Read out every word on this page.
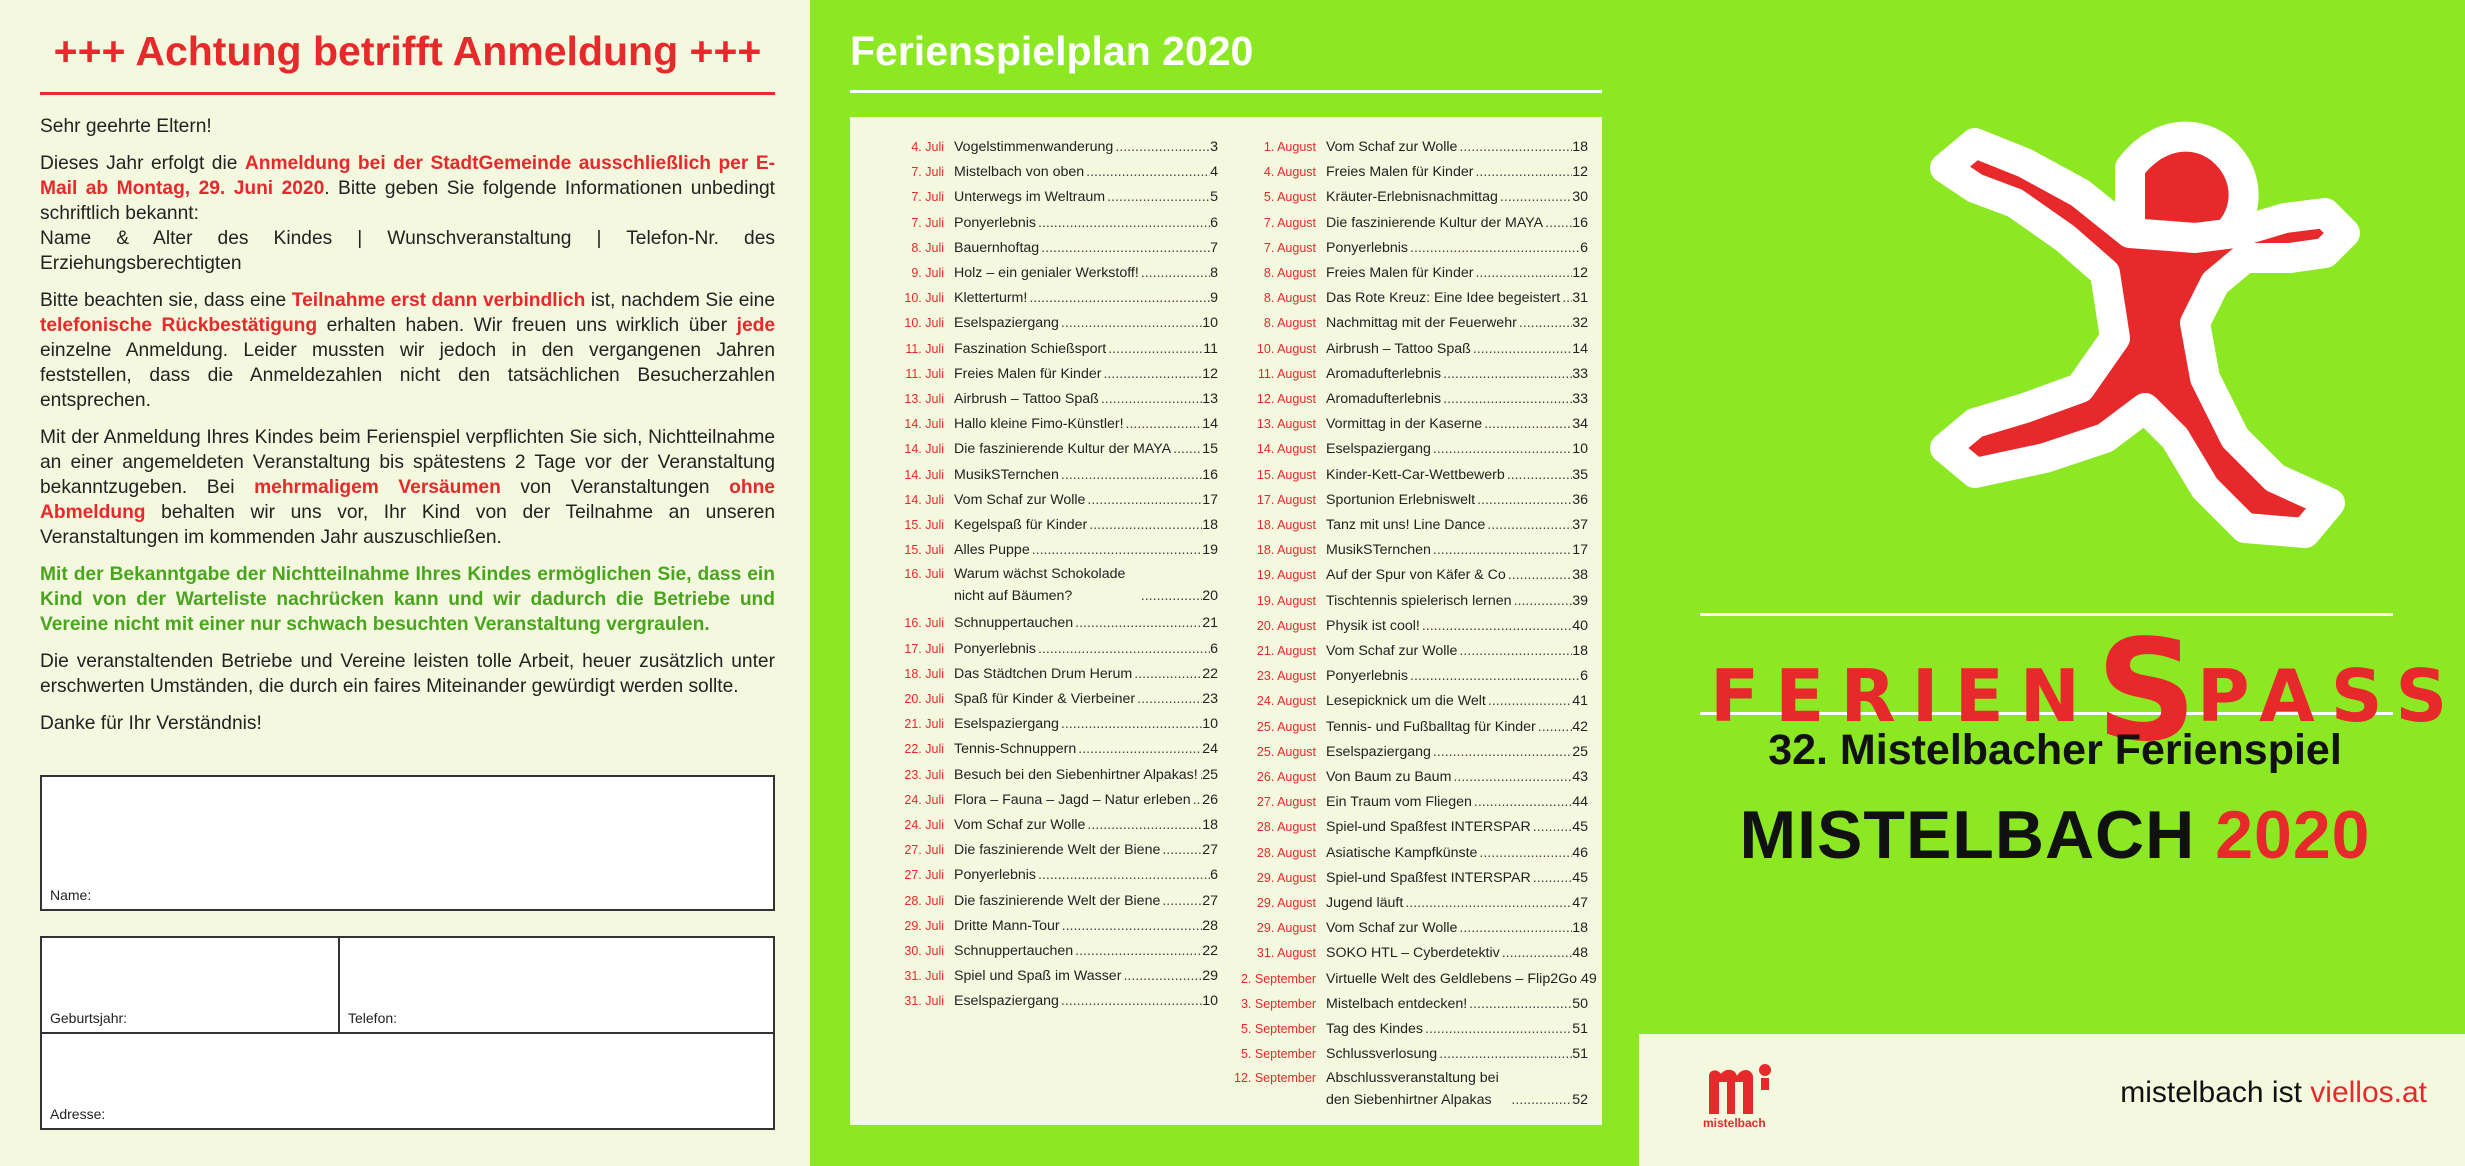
+++ Achtung betrifft Anmeldung +++

Sehr geehrte Eltern!

Dieses Jahr erfolgt die Anmeldung bei der StadtGemeinde ausschließlich per E-Mail ab Montag, 29. Juni 2020. Bitte geben Sie folgende Informationen unbedingt schriftlich bekannt:
Name & Alter des Kindes | Wunschveranstaltung | Telefon-Nr. des Erziehungsberechtigten

Bitte beachten sie, dass eine Teilnahme erst dann verbindlich ist, nachdem Sie eine telefonische Rückbestätigung erhalten haben. Wir freuen uns wirklich über jede einzelne Anmeldung. Leider mussten wir jedoch in den vergangenen Jahren feststellen, dass die Anmeldezahlen nicht den tatsächlichen Besucherzahlen entsprechen.

Mit der Anmeldung Ihres Kindes beim Ferienspiel verpflichten Sie sich, Nichtteilnahme an einer angemeldeten Veranstaltung bis spätestens 2 Tage vor der Veranstaltung bekanntzugeben. Bei mehrmaligem Versäumen von Veranstaltungen ohne Abmeldung behalten wir uns vor, Ihr Kind von der Teilnahme an unseren Veranstaltungen im kommenden Jahr auszuschließen.

Mit der Bekanntgabe der Nichtteilnahme Ihres Kindes ermöglichen Sie, dass ein Kind von der Warteliste nachrücken kann und wir dadurch die Betriebe und Vereine nicht mit einer nur schwach besuchten Veranstaltung vergraulen.

Die veranstaltenden Betriebe und Vereine leisten tolle Arbeit, heuer zusätzlich unter erschwerten Umständen, die durch ein faires Miteinander gewürdigt werden sollte.

Danke für Ihr Verständnis!

Name:
Geburtsjahr:	Telefon:
Adresse:
Ferienspielplan 2020
4. Juli Vogelstimmenwanderung .....	3
7. Juli Mistelbach von oben .....	4
7. Juli Unterwegs im Weltraum .....	5
7. Juli Ponyerlebnis .....	6
8. Juli Bauernhoftag .....	7
9. Juli Holz – ein genialer Werkstoff! .....	8
10. Juli Kletterturm! .....	9
10. Juli Eselspaziergang .....	10
11. Juli Faszination Schießsport .....	11
11. Juli Freies Malen für Kinder .....	12
13. Juli Airbrush – Tattoo Spaß .....	13
14. Juli Hallo kleine Fimo-Künstler! .....	14
14. Juli Die faszinierende Kultur der MAYA ..... 15
14. Juli MusikSTernchen .....	16
14. Juli Vom Schaf zur Wolle .....	17
15. Juli Kegelspaß für Kinder .....	18
15. Juli Alles Puppe .....	19
16. Juli Warum wächst Schokolade nicht auf Bäumen? .....	20
16. Juli Schnuppertauchen .....	21
17. Juli Ponyerlebnis .....	6
18. Juli Das Städtchen Drum Herum .....	22
20. Juli Spaß für Kinder & Vierbeiner .....	23
21. Juli Eselspaziergang .....	10
22. Juli Tennis-Schnuppern .....	24
23. Juli Besuch bei den Siebenhirtner Alpakas! ..... 25
24. Juli Flora – Fauna – Jagd – Natur erleben ..... 26
24. Juli Vom Schaf zur Wolle .....	18
27. Juli Die faszinierende Welt der Biene .....	27
27. Juli Ponyerlebnis .....	6
28. Juli Die faszinierende Welt der Biene .....	27
29. Juli Dritte Mann-Tour .....	28
30. Juli Schnuppertauchen .....	22
31. Juli Spiel und Spaß im Wasser .....	29
31. Juli Eselspaziergang .....	10
1. August Vom Schaf zur Wolle .....	18
4. August Freies Malen für Kinder .....	12
5. August Kräuter-Erlebnisnachmittag .....	30
7. August Die faszinierende Kultur der MAYA ..... 16
7. August Ponyerlebnis .....	6
8. August Freies Malen für Kinder .....	12
8. August Das Rote Kreuz: Eine Idee begeistert ..... 31
8. August Nachmittag mit der Feuerwehr .....	32
10. August Airbrush – Tattoo Spaß .....	14
11. August Aromadufterlebnis .....	33
12. August Aromadufterlebnis .....	33
13. August Vormittag in der Kaserne .....	34
14. August Eselspaziergang .....	10
15. August Kinder-Kett-Car-Wettbewerb .....	35
17. August Sportunion Erlebniswelt .....	36
18. August Tanz mit uns! Line Dance .....	37
18. August MusikSTernchen .....	17
19. August Auf der Spur von Käfer & Co .....	38
19. August Tischtennis spielerisch lernen .....	39
20. August Physik ist cool! .....	40
21. August Vom Schaf zur Wolle .....	18
23. August Ponyerlebnis .....	6
24. August Lesepicknick um die Welt .....	41
25. August Tennis- und Fußballtag für Kinder .....	42
25. August Eselspaziergang .....	25
26. August Von Baum zu Baum .....	43
27. August Ein Traum vom Fliegen .....	44
28. August Spiel-und Spaßfest INTERSPAR .....	45
28. August Asiatische Kampfkünste .....	46
29. August Spiel-und Spaßfest INTERSPAR .....	45
29. August Jugend läuft .....	47
29. August Vom Schaf zur Wolle .....	18
31. August SOKO HTL – Cyberdetektiv .....	48
2. September Virtuelle Welt des Geldlebens – Flip2Go ..... 49
3. September Mistelbach entdecken! .....	50
5. September Tag des Kindes .....	51
5. September Schlussverlosung .....	51
12. September Abschlussveranstaltung bei den Siebenhirtner Alpakas .....	52
FERIENSPASS
32. Mistelbacher Ferienspiel
MISTELBACH 2020
mistelbach
mistelbach ist viellos.at
